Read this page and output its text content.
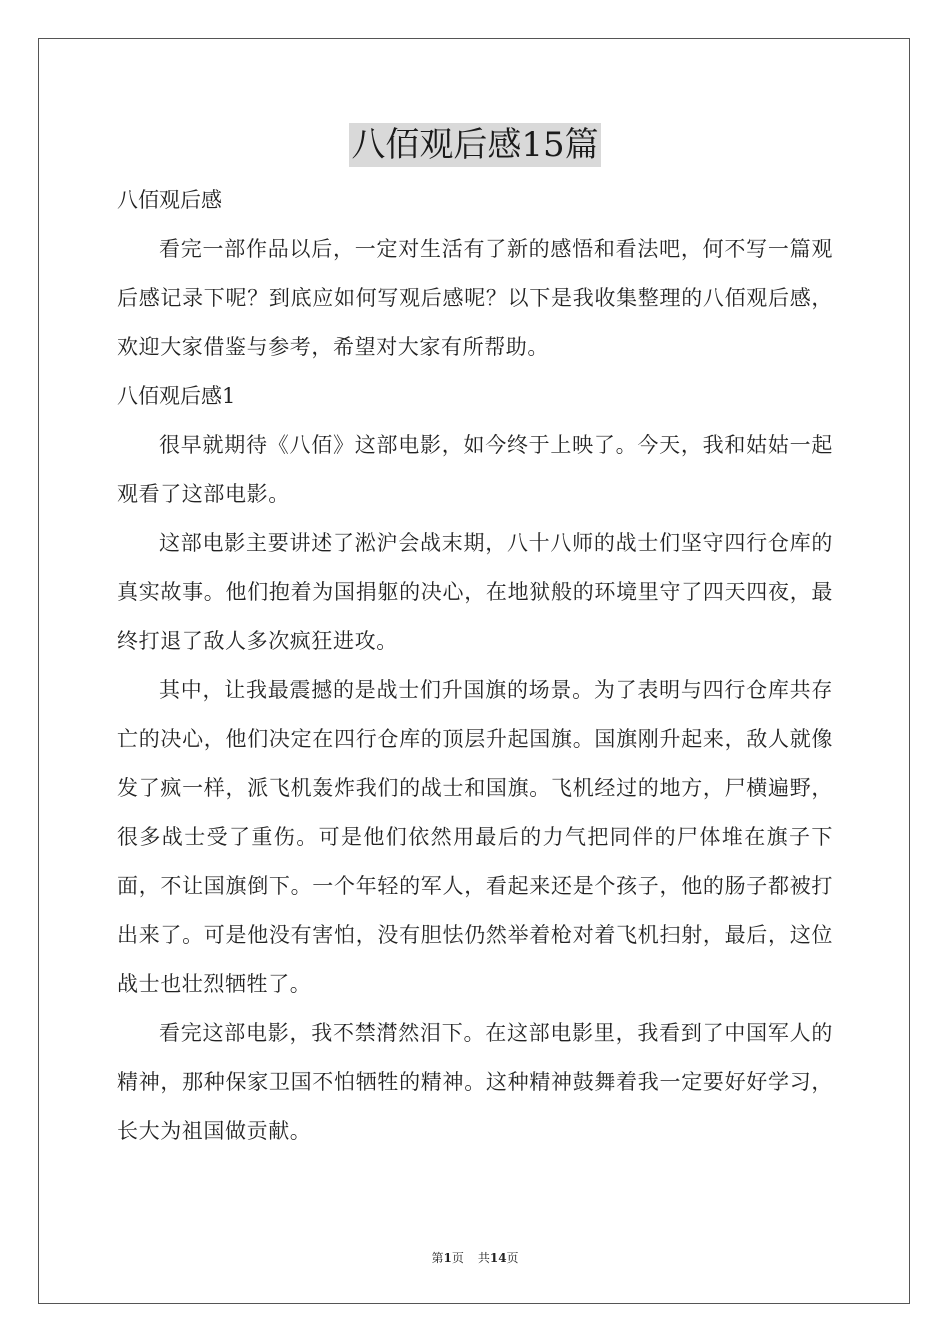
八佰观后感15篇

八佰观后感

看完一部作品以后，一定对生活有了新的感悟和看法吧，何不写一篇观后感记录下呢？到底应如何写观后感呢？以下是我收集整理的八佰观后感，欢迎大家借鉴与参考，希望对大家有所帮助。

八佰观后感1

很早就期待《八佰》这部电影，如今终于上映了。今天，我和姑姑一起观看了这部电影。

这部电影主要讲述了淞沪会战末期，八十八师的战士们坚守四行仓库的真实故事。他们抱着为国捐躯的决心，在地狱般的环境里守了四天四夜，最终打退了敌人多次疯狂进攻。

其中，让我最震撼的是战士们升国旗的场景。为了表明与四行仓库共存亡的决心，他们决定在四行仓库的顶层升起国旗。国旗刚升起来，敌人就像发了疯一样，派飞机轰炸我们的战士和国旗。飞机经过的地方，尸横遍野，很多战士受了重伤。可是他们依然用最后的力气把同伴的尸体堆在旗子下面，不让国旗倒下。一个年轻的军人，看起来还是个孩子，他的肠子都被打出来了。可是他没有害怕，没有胆怯仍然举着枪对着飞机扫射，最后，这位战士也壮烈牺牲了。

看完这部电影，我不禁潸然泪下。在这部电影里，我看到了中国军人的精神，那种保家卫国不怕牺牲的精神。这种精神鼓舞着我一定要好好学习，长大为祖国做贡献。

第1页 共14页
